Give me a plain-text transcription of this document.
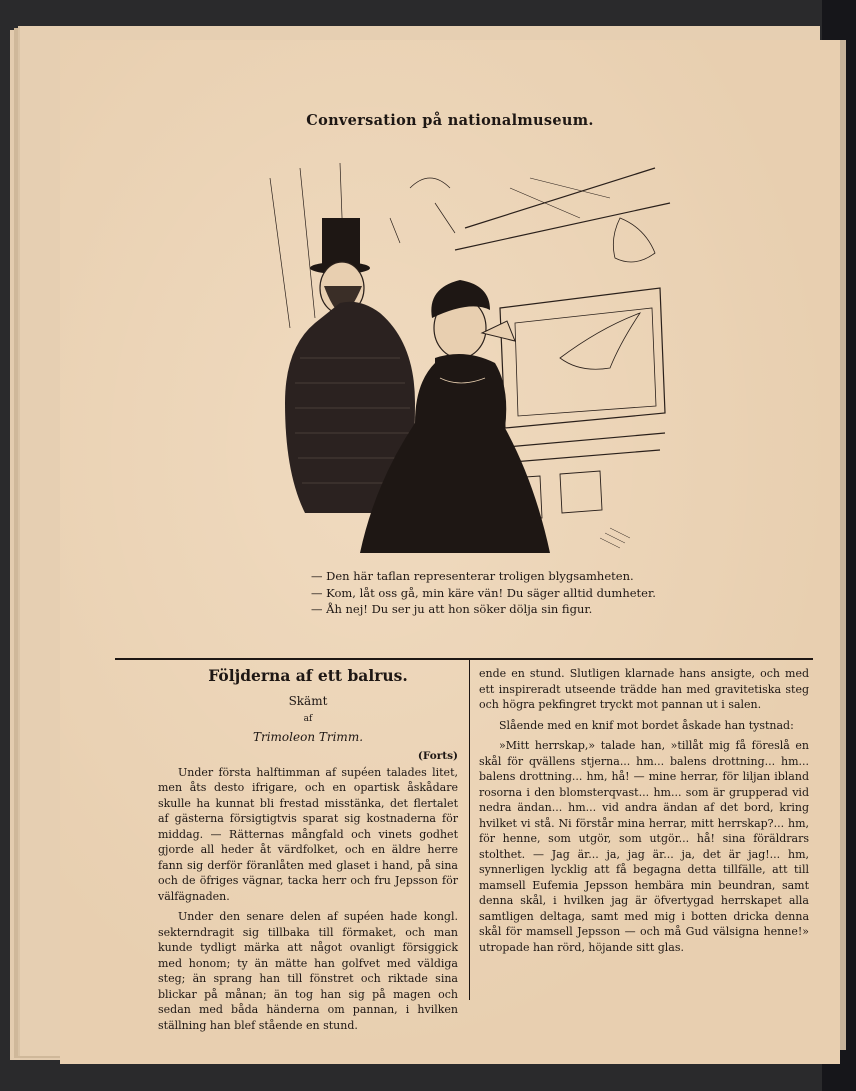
Conversation på nationalmuseum.

— Den här taflan representerar troligen blygsamheten.

— Kom, låt oss gå, min käre vän! Du säger alltid dumheter.

— Åh nej! Du ser ju att hon söker dölja sin figur.

Följderna af ett balrus.
Skämt
af
Trimoleon Trimm.
(Forts)

Under första halftimman af supéen talades litet, men åts desto ifrigare, och en opartisk åskådare skulle ha kunnat bli frestad misstänka, det flertalet af gästerna försigtigtvis sparat sig kostnaderna för middag. — Rätternas mångfald och vinets godhet gjorde all heder åt värdfolket, och en äldre herre fann sig derför föranlåten med glaset i hand, på sina och de öfriges vägnar, tacka herr och fru Jepsson för välfägnaden.

Under den senare delen af supéen hade kongl. sekterndragit sig tillbaka till förmaket, och man kunde tydligt märka att något ovanligt försiggick med honom; ty än mätte han golfvet med väldiga steg; än sprang han till fönstret och riktade sina blickar på månan; än tog han sig på magen och sedan med båda händerna om pannan, i hvilken ställning han blef stående en stund.

ende en stund. Slutligen klarnade hans ansigte, och med ett inspireradt utseende trädde han med gravitetiska steg och högra pekfingret tryckt mot pannan ut i salen.

Slående med en knif mot bordet åskade han tystnad:

»Mitt herrskap,» talade han, »tillåt mig få föreslå en skål för qvällens stjerna... hm... balens drottning... hm... balens drottning... hm, hå! — mine herrar, för liljan ibland rosorna i den blomsterqvast... hm... som är grupperad vid nedra ändan... hm... vid andra ändan af det bord, kring hvilket vi stå. Ni förstår mina herrar, mitt herrskap?... hm, för henne, som utgör, som utgör... hå! sina föräldrars stolthet. — Jag är... ja, jag är... ja, det är jag!... hm, synnerligen lycklig att få begagna detta tillfälle, att till mamsell Eufemia Jepsson hembära min beundran, samt denna skål, i hvilken jag är öfvertygad herrskapet alla samtligen deltaga, samt med mig i botten dricka denna skål för mamsell Jepsson — och må Gud välsigna henne!» utropade han rörd, höjande sitt glas.
